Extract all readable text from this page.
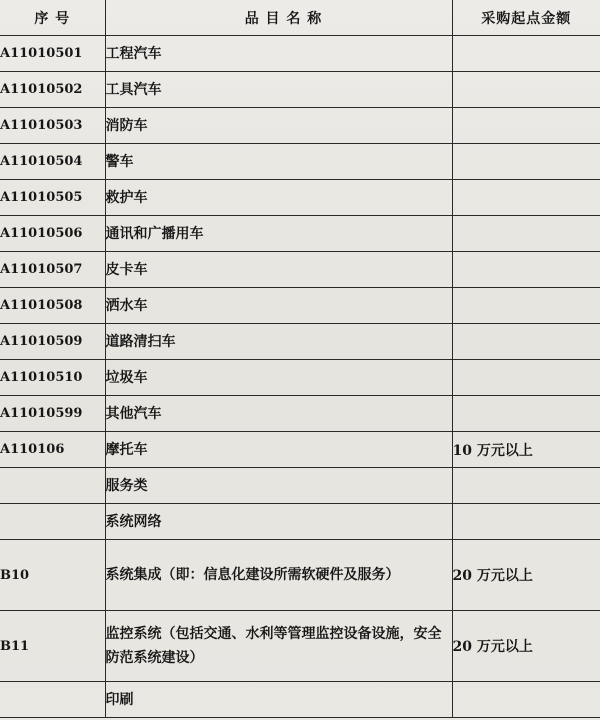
序 号	品 目 名 称	采购起点金额
A11010501	工程汽车	
A11010502	工具汽车	
A11010503	消防车	
A11010504	警车	
A11010505	救护车	
A11010506	通讯和广播用车	
A11010507	皮卡车	
A11010508	洒水车	
A11010509	道路清扫车	
A11010510	垃圾车	
A11010599	其他汽车	
A110106	摩托车	10 万元以上
	服务类	
	系统网络	
B10	系统集成（即：信息化建设所需软硬件及服务）	20 万元以上
B11	监控系统（包括交通、水利等管理监控设备设施，安全防范系统建设）	20 万元以上
	印刷	
